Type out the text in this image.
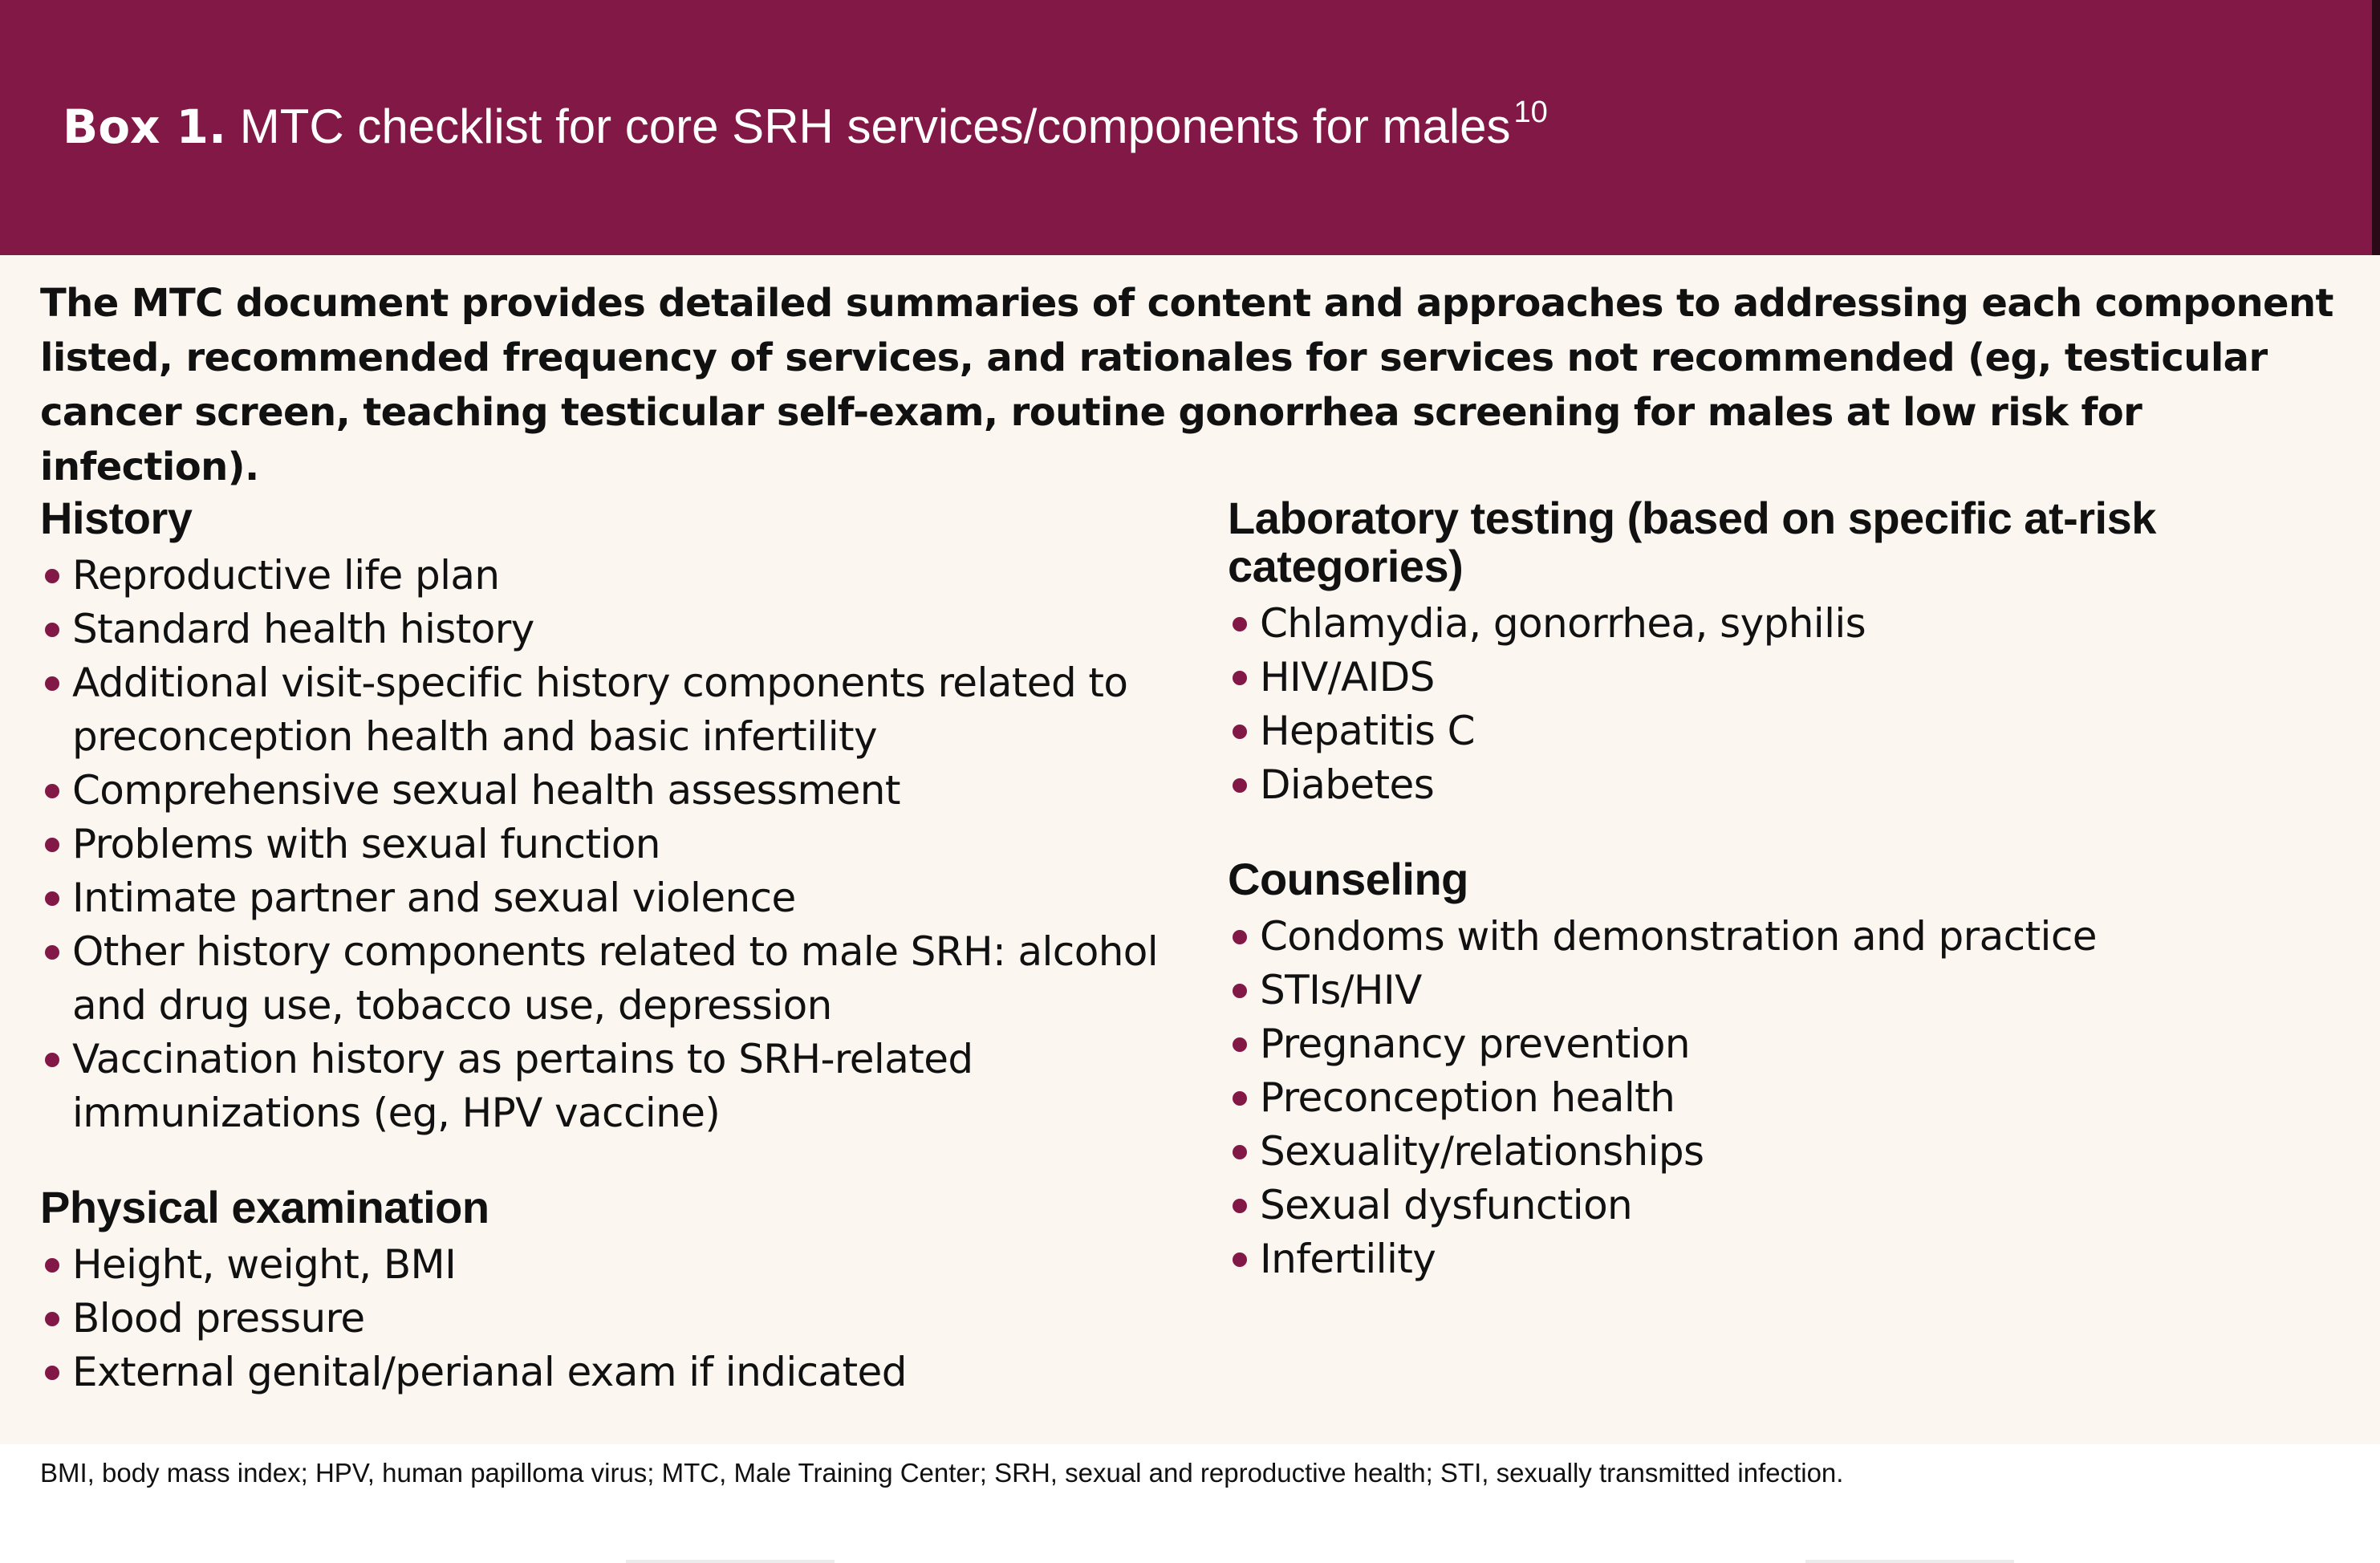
Box 1. MTC checklist for core SRH services/components for males $^{10}$
The MTC document provides detailed summaries of content and approaches to addressing each component listed, recommended frequency of services, and rationales for services not recommended (eg, testicular cancer screen, teaching testicular self-exam, routine gonorrhea screening for males at low risk for infection).
History
Reproductive life plan
Standard health history
Additional visit-specific history components related to preconception health and basic infertility
Comprehensive sexual health assessment
Problems with sexual function
Intimate partner and sexual violence
Other history components related to male SRH: alcohol and drug use, tobacco use, depression
Vaccination history as pertains to SRH-related immunizations (eg, HPV vaccine)
Physical examination
Height, weight, BMI
Blood pressure
External genital/perianal exam if indicated
Laboratory testing (based on specific at-risk categories)
Chlamydia, gonorrhea, syphilis
HIV/AIDS
Hepatitis C
Diabetes
Counseling
Condoms with demonstration and practice
STIs/HIV
Pregnancy prevention
Preconception health
Sexuality/relationships
Sexual dysfunction
Infertility
BMI, body mass index; HPV, human papilloma virus; MTC, Male Training Center; SRH, sexual and reproductive health; STI, sexually transmitted infection.
